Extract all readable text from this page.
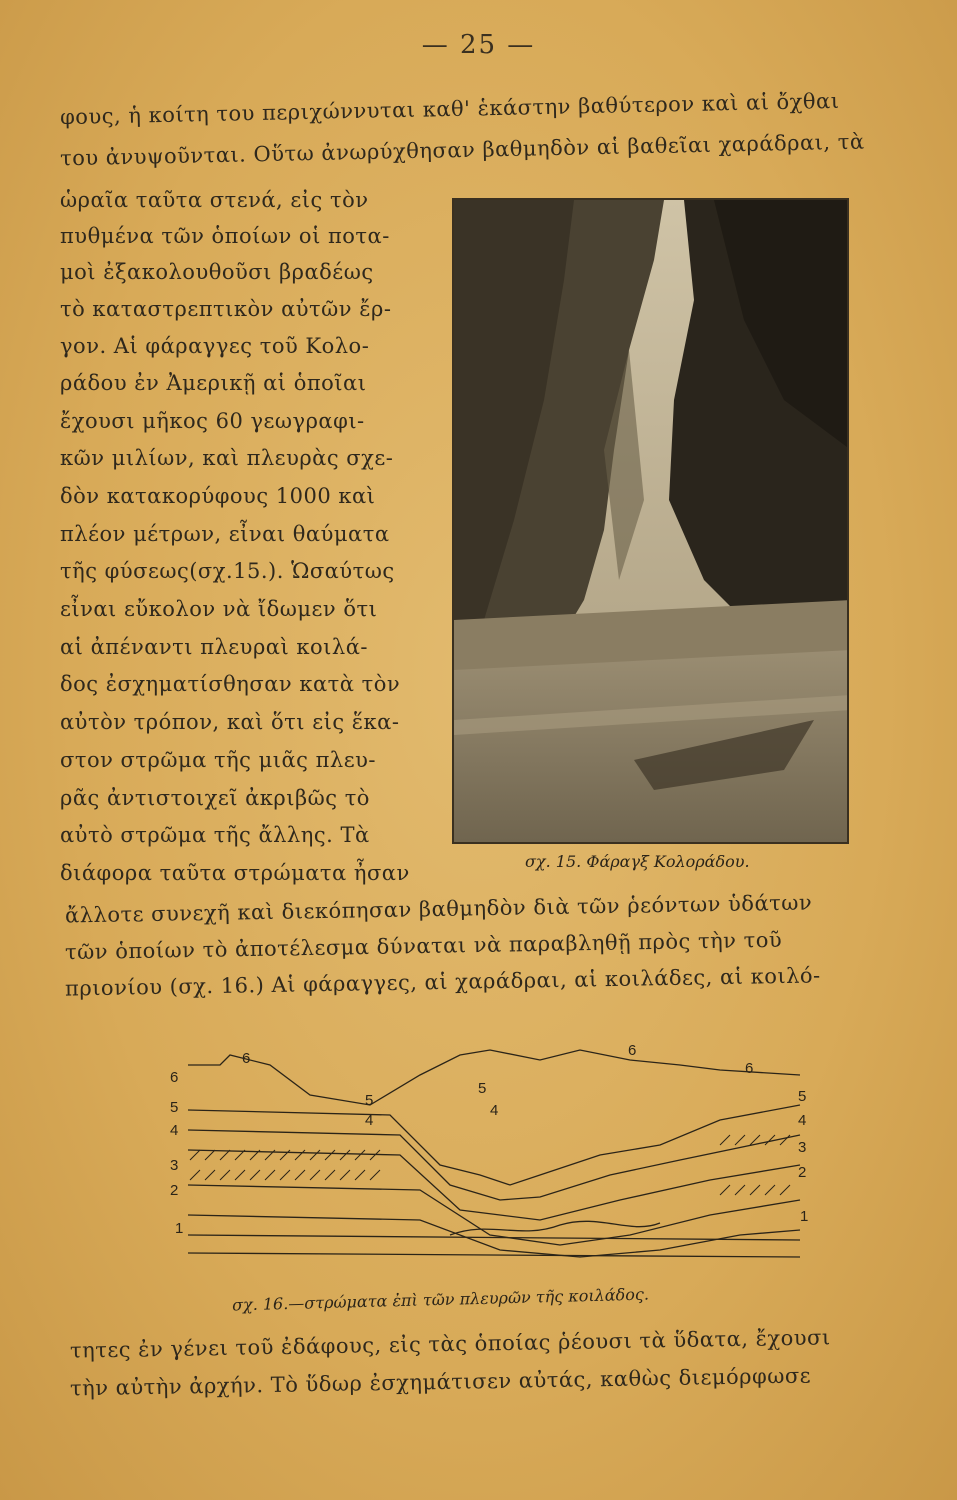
— 25 —
φους, ἡ κοίτη του περιχώννυται καθ' ἑκάστην βαθύτερον καὶ αἱ ὄχθαι
του ἀνυψοῦνται. Οὕτω ἀνωρύχθησαν βαθμηδὸν αἱ βαθεῖαι χαράδραι, τὰ
ὡραῖα ταῦτα στενά, εἰς τὸν
πυθμένα τῶν ὁποίων οἱ ποτα-
μοὶ ἐξακολουθοῦσι βραδέως
τὸ καταστρεπτικὸν αὐτῶν ἔρ-
γον. Αἱ φάραγγες τοῦ Κολο-
ράδου ἐν Ἀμερικῇ αἱ ὁποῖαι
ἔχουσι μῆκος 60 γεωγραφι-
κῶν μιλίων, καὶ πλευρὰς σχε-
δὸν κατακορύφους 1000 καὶ
πλέον μέτρων, εἶναι θαύματα
τῆς φύσεως(σχ.15.). Ὡσαύτως
εἶναι εὔκολον νὰ ἴδωμεν ὅτι
αἱ ἀπέναντι πλευραὶ κοιλά-
δος ἐσχηματίσθησαν κατὰ τὸν
αὐτὸν τρόπον, καὶ ὅτι εἰς ἕκα-
στον στρῶμα τῆς μιᾶς πλευ-
ρᾶς ἀντιστοιχεῖ ἀκριβῶς τὸ
αὐτὸ στρῶμα τῆς ἄλλης. Τὰ
διάφορα ταῦτα στρώματα ἦσαν	σχ. 15. Φάραγξ Κολοράδου.
ἄλλοτε συνεχῆ καὶ διεκόπησαν βαθμηδὸν διὰ τῶν ῥεόντων ὑδάτων
τῶν ὁποίων τὸ ἀποτέλεσμα δύναται νὰ παραβληθῇ πρὸς τὴν τοῦ
πριονίου (σχ. 16.) Αἱ φάραγγες, αἱ χαράδραι, αἱ κοιλάδες, αἱ κοιλό-
6
5
4
3
2
1
5
4
3
2
1
6
5
4
6
5
4
6
σχ. 16.—στρώματα ἐπὶ τῶν πλευρῶν τῆς κοιλάδος.
τητες ἐν γένει τοῦ ἐδάφους, εἰς τὰς ὁποίας ῥέουσι τὰ ὕδατα, ἔχουσι
τὴν αὐτὴν ἀρχήν. Τὸ ὕδωρ ἐσχημάτισεν αὐτάς, καθὼς διεμόρφωσε
